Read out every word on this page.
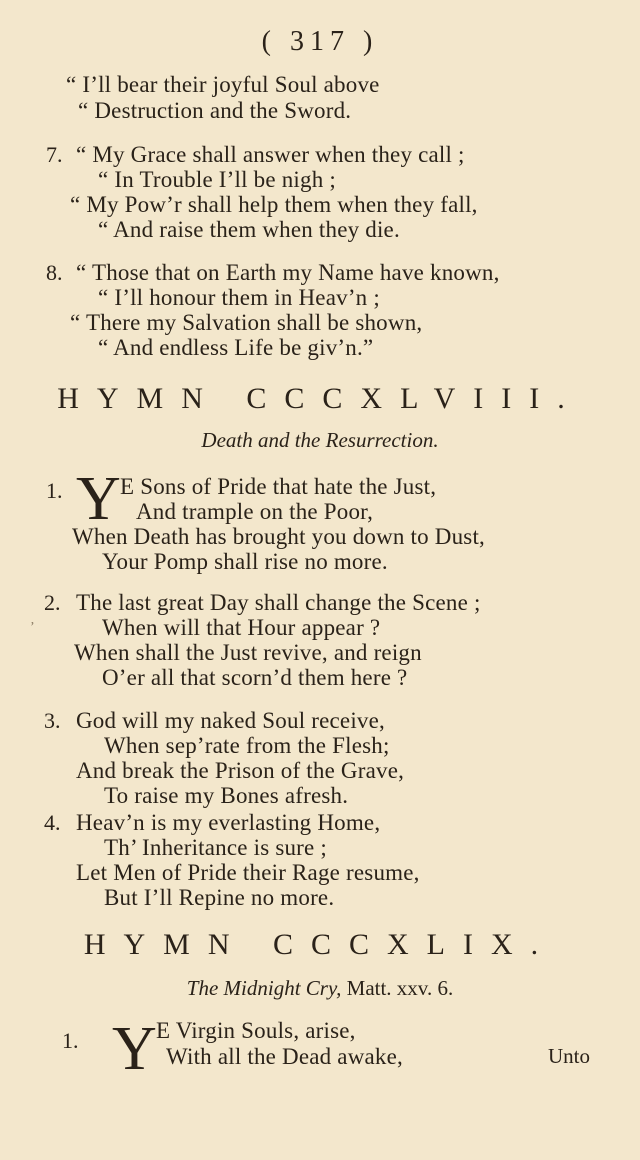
( 317 )
“ I’ll bear their joyful Soul above
“ Destruction and the Sword.
7. “ My Grace shall answer when they call ;
“ In Trouble I’ll be nigh ;
“ My Pow’r shall help them when they fall,
“ And raise them when they die.
8. “ Those that on Earth my Name have known,
“ I’ll honour them in Heav’n ;
“ There my Salvation shall be shown,
“ And endless Life be giv’n.”
HYMN CCCXLVIII.
Death and the Resurrection.
1. Y E Sons of Pride that hate the Just,
And trample on the Poor,
When Death has brought you down to Dust,
Your Pomp shall rise no more.
2. The last great Day shall change the Scene ;
ʼ	When will that Hour appear ?
When shall the Just revive, and reign
O’er all that scorn’d them here ?
3. God will my naked Soul receive,
When sep’rate from the Flesh;
And break the Prison of the Grave,
To raise my Bones afresh.
4. Heav’n is my everlasting Home,
Th’ Inheritance is sure ;
Let Men of Pride their Rage resume,
But I’ll Repine no more.
HYMN CCCXLIX.
The Midnight Cry, Matt. xxv. 6.
1. Y E Virgin Souls, arise,
With all the Dead awake,	Unto
